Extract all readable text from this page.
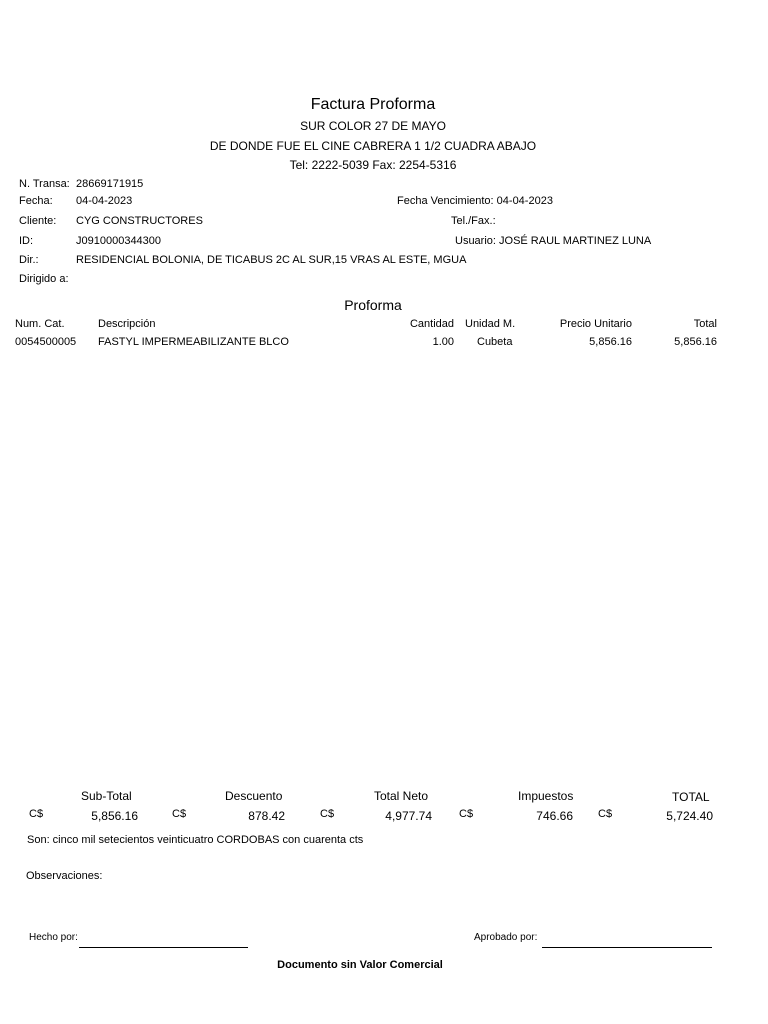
Factura Proforma
SUR COLOR 27 DE MAYO
DE DONDE FUE EL CINE CABRERA 1 1/2 CUADRA ABAJO
Tel: 2222-5039 Fax: 2254-5316
N. Transa: 28669171915
Fecha: 04-04-2023	Fecha Vencimiento: 04-04-2023
Cliente: CYG CONSTRUCTORES	Tel./Fax.:
ID:	J0910000344300	Usuario: JOSÉ RAUL MARTINEZ LUNA
Dir.:	RESIDENCIAL BOLONIA, DE TICABUS 2C AL SUR,15 VRAS AL ESTE, MGUA
Dirigido a:
Proforma
Num. Cat.	Descripción	Cantidad Unidad M.	Precio Unitario	Total
0054500005 FASTYL IMPERMEABILIZANTE BLCO	1.00 Cubeta	5,856.16	5,856.16
Sub-Total	Descuento	Total Neto	Impuestos	TOTAL
C$	5,856.16	C$	878.42	C$	4,977.74 C$	746.66 C$	5,724.40
Son: cinco mil setecientos veinticuatro CORDOBAS con cuarenta cts
Observaciones:
Hecho por:	Aprobado por:
Documento sin Valor Comercial
